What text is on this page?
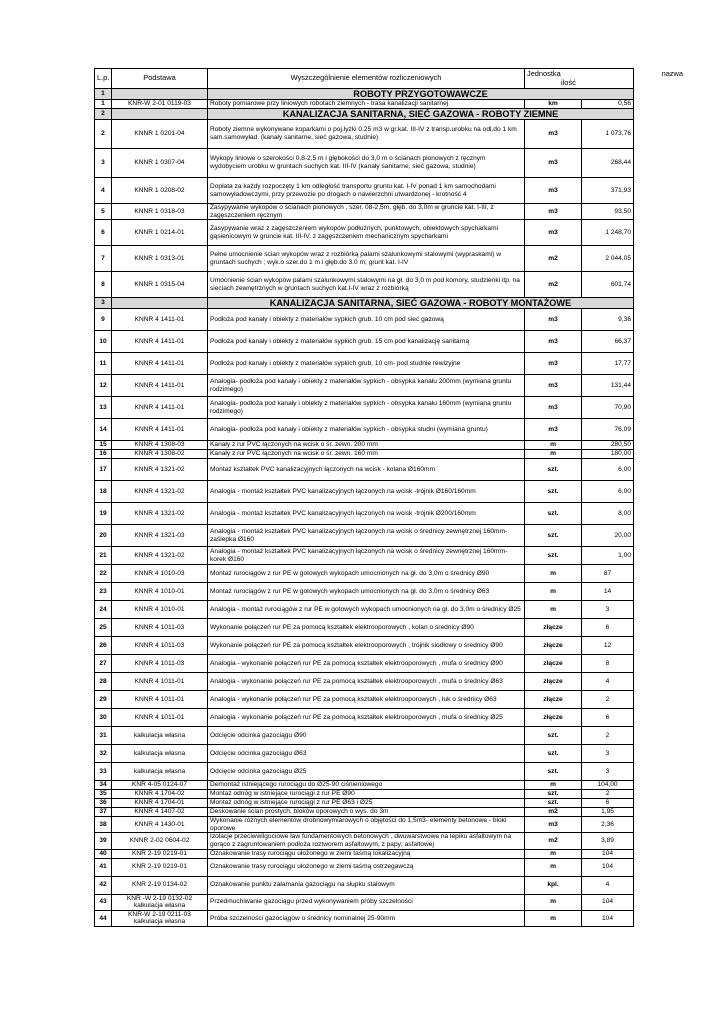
L.p.	Podstawa	Wyszczególnienie elementów rozliczeniowych	Jednostka nazwa
ilość	

1		ROBOTY PRZYGOTOWAWCZE		
1	KNR-W 2-01 0119-03	Roboty pomiarowe przy liniowych robotach ziemnych - trasa kanalizacji sanitarnej	km	0,56
2		KANALIZACJA SANITARNA, SIEĆ GAZOWA - ROBOTY ZIEMNE		
2	KNNR 1 0201-04	Roboty ziemne wykonywane koparkami o poj.łyżki 0.25 m3 w gr.kat. III-IV z transp.urobku na odl.do 1 km sam.samowyład. (kanały sanitarne, sieć gazowa, studnie)	m3	1 073,76
3	KNNR 1 0307-04	Wykopy liniowe o szerokości 0,8-2,5 m i głębokości do 3,0 m o ścianach pionowych z ręcznym wydobyciem urobku w gruntach suchych kat. III-IV (kanały sanitarne, sieć gazowa, studnie)	m3	268,44
4	KNNR 1 0208-02	Dopłata za każdy rozpoczęty 1 km odległość transportu gruntu kat. I-IV ponad 1 km samochodami samowyładowczymi, przy przewozie po drogach o nawierzchni utwardzonej - krotność 4	m3	371,93
5	KNNR 1 0318-03	Zasypywanie wykopów o ścianach pionowych , szer. 08-2,5m, głęb. do 3,0m w gruncie kat. I-III, z zagęszczeniem ręcznym	m3	93,50
6	KNNR 1 0214-01	Zasypywanie wraz z zagęszczeniem wykopów podłużnych, punktowych, obiektowych spycharkami gąsienicowym w gruncie kat. III-IV, z zagęszczeniem mechanicznym spycharkami	m3	1 248,70
7	KNNR 1 0313-01	Pełne umocnienie ścian wykopów wraz z rozbiórką palami szalunkowymi stalowymi (wypraskami) w gruntach suchych ; wyk.o szer.do 1 m i głęb.do 3.0 m; grunt kat. I-IV	m2	2 044,05
8	KNNR 1 0315-04	Umocnienie ścian wykopów palami szalunkowymi stalowymi na gł. do 3,0 m pod komory, studzienki itp. na sieciach zewnętrznych w gruntach suchych kat.I-IV wraz z rozbiórką	m2	601,74
3		KANALIZACJA SANITARNA, SIEĆ GAZOWA - ROBOTY MONTAŻOWE		
9	KNNR 4 1411-01	Podłoża pod kanały i obiekty z materiałów sypkich grub. 10 cm pod sieć gazową	m3	9,36
10	KNNR 4 1411-01	Podłoża pod kanały i obiekty z materiałów sypkich grub. 15 cm pod kanalizację sanitarną	m3	66,37
11	KNNR 4 1411-01	Podłoża pod kanały i obiekty z materiałów sypkich grub. 10 cm- pod studnie rewizyjne	m3	17,77
12	KNNR 4 1411-01	Analogia- podłoża pod kanały i obiekty z materiałów sypkich - obsypka kanału 200mm (wymiana gruntu rodzimego)	m3	131,44
13	KNNR 4 1411-01	Analogia- podłoża pod kanały i obiekty z materiałów sypkich - obsypka kanału 160mm (wymiana gruntu rodzimego)	m3	70,90
14	KNNR 4 1411-01	Analogia- podłoża pod kanały i obiekty z materiałów sypkich - obsypka studni (wymiana gruntu)	m3	76,09
15	KNNR 4 1308-03	Kanały z rur PVC łączonych na wcisk o śr. zewn. 200 mm	m	280,50
16	KNNR 4 1308-02	Kanały z rur PVC łączonych na wcisk o śr. zewn. 160 mm	m	180,00
17	KNNR 4 1321-02	Montaż kształtek PVC kanalizacyjnych łączonych na wcisk - kolana Ø160mm	szt.	6,00
18	KNNR 4 1321-02	Analogia - montaż kształtek PVC kanalizacyjnych łączonych na wcisk -trójnik Ø160/160mm	szt.	6,00
19	KNNR 4 1321-02	Analogia - montaż kształtek PVC kanalizacyjnych łączonych na wcisk -trójnik Ø200/160mm	szt.	8,00
20	KNNR 4 1321-03	Analogia - montaż kształtek PVC kanalizacyjnych łączonych na wcisk o średnicy zewnętrznej 160mm- zaślepka Ø160	szt.	20,00
21	KNNR 4 1321-02	Analogia - montaż kształtek PVC kanalizacyjnych łączonych na wcisk o średnicy zewnętrznej 160mm- korek Ø160	szt.	1,00
22	KNNR 4 1010-03	Montaż rurociągów z rur PE w gotowych wykopach umocnionych na gł. do 3,0m o średnicy Ø90	m	87
23	KNNR 4 1010-01	Montaż rurociągów z rur PE w gotowych wykopach umocnionych na gł. do 3,0m o średnicy Ø63	m	14
24	KNNR 4 1010-01	Analogia - montaż rurociągów z rur PE w gotowych wykopach umocnionych na gł. do 3,0m o średnicy Ø25	m	3
25	KNNR 4 1011-03	Wykonanie połączeń rur PE za pomocą kształtek elektrooporowych , kolan o średnicy Ø90	złącze	6
26	KNNR 4 1011-03	Wykonanie połączeń rur PE za pomocą kształtek elektrooporowych , trójnik siodłowy o średnicy Ø90	złącze	12
27	KNNR 4 1011-03	Analogia - wykonanie połączeń rur PE za pomocą kształtek elektrooporowych , mufa o średnicy Ø90	złącze	8
28	KNNR 4 1011-01	Analogia - wykonanie połączeń rur PE za pomocą kształtek elektrooporowych , mufa o średnicy Ø63	złącze	4
29	KNNR 4 1011-01	Analogia - wykonanie połączeń rur PE za pomocą kształtek elektrooporowych , łuk o średnicy Ø63	złącze	2
30	KNNR 4 1011-01	Analogia - wykonanie połączeń rur PE za pomocą kształtek elektrooporowych , mufa o średnicy Ø25	złącze	6
31	kalkulacja własna	Odcięcie odcinka gazociągu Ø90	szt.	2
32	kalkulacja własna	Odcięcie odcinka gazociągu Ø63	szt.	3
33	kalkulacja własna	Odcięcie odcinka gazociągu Ø25	szt.	3
34	KNR 4-05 0124-07	Demontaż istniejącego rurociągu do Ø25-90 ciśnieniowego	m	104,00
35	KNNR 4 1704-02	Montaż odnóg w istniejące rurociągi z rur PE Ø90	szt.	2
36	KNNR 4 1704-01	Montaż odnóg w istniejące rurociągi z rur PE Ø63 i Ø25	szt.	6
37	KNNR 4 1407-02	Deskowanie ścian prostych, bloków oporowych o wys. do 3m	m2	1,95
38	KNNR 4 1430-01	Wykonanie różnych elementów drobnowymiarowych o objętości do 1,5m3- elementy betonowe - bloki oporowe	m3	2,36
39	KNNR 2-02 0604-02	Izolacje przeciwwilgociowe ław fundamentowych betonowych , dwuwarstwowe na lepiku asfaltowym na gorąco z zagruntowaniem podłoża roztworem asfaltowym, z papy: asfaltowej	m2	3,89
40	KNR 2-19 0219-01	Oznakowanie trasy rurociągu ułożonego w ziemi taśmą lokalizacyjną	m	104
41	KNR 2-19 0219-01	Oznakowanie trasy rurociągu ułożonego w ziemi taśmą ostrzegawczą	m	104
42	KNR 2-19 0134-02	Oznakowanie punktu załamania gazociągu na słupku stalowym	kpl.	4
43	KNR -W 2-19 0132-02 kalkulacja własna	Przedmuchiwanie gazociągu przed wykonywaniem próby szczelności	m	104
44	KNR-W 2-19 0211-03 kalkulacja własna	Próba szczelności gazociągów o średnicy nominalnej 25-90mm	m	104
